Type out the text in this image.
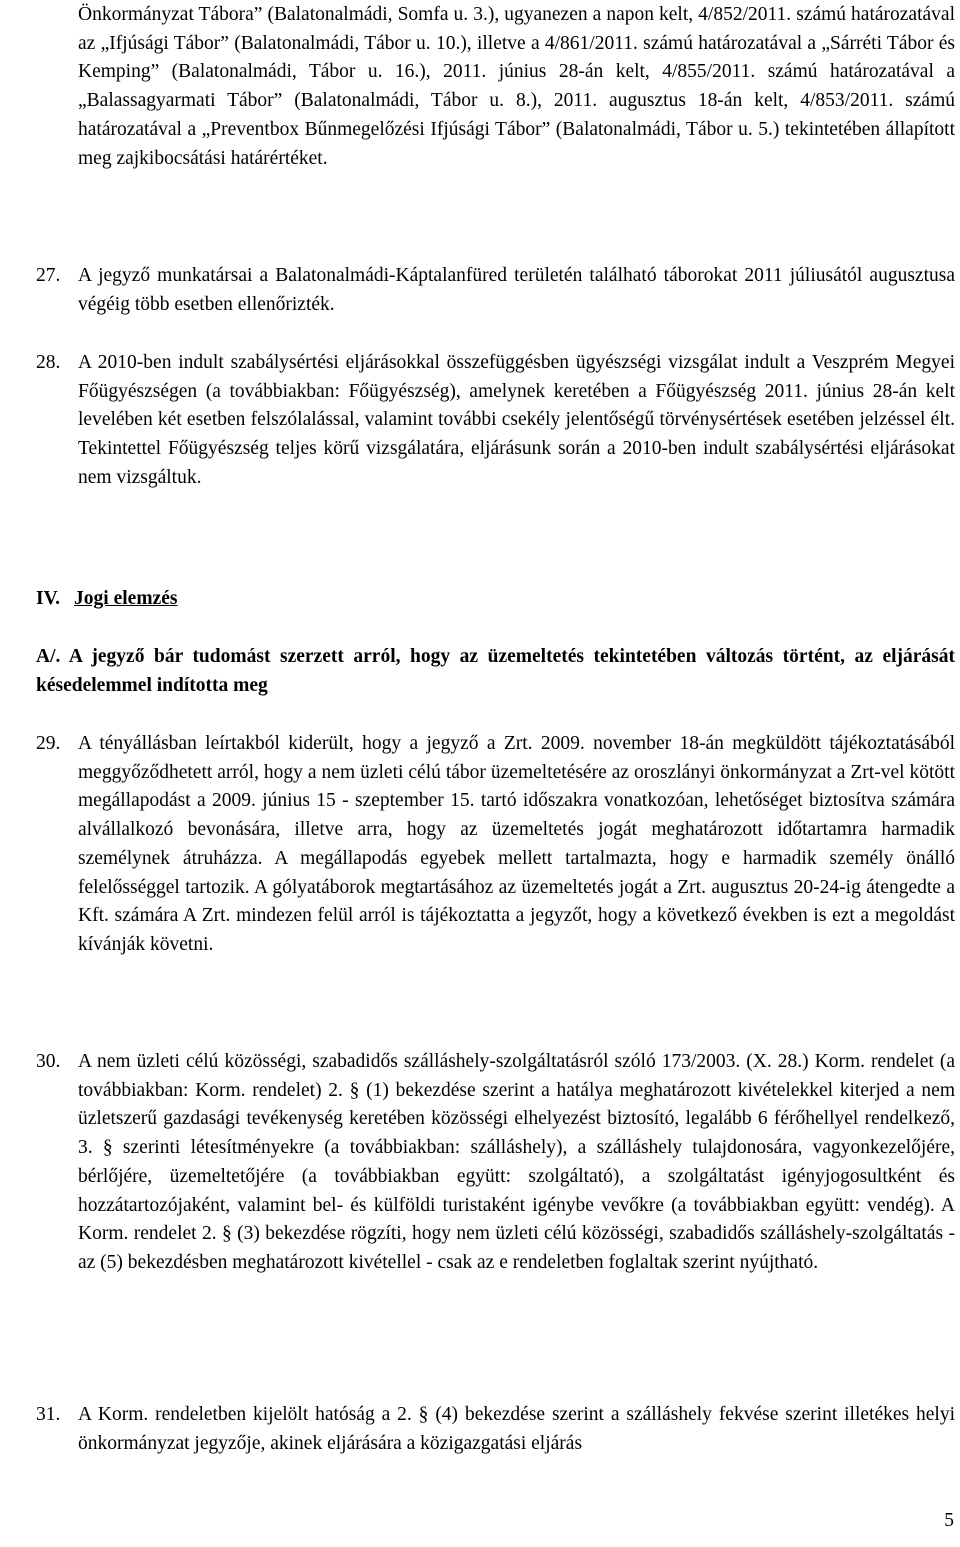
Önkormányzat Tábora” (Balatonalmádi, Somfa u. 3.), ugyanezen a napon kelt, 4/852/2011. számú határozatával az „Ifjúsági Tábor” (Balatonalmádi, Tábor u. 10.), illetve a 4/861/2011. számú határozatával a „Sárréti Tábor és Kemping” (Balatonalmádi, Tábor u. 16.), 2011. június 28-án kelt, 4/855/2011. számú határozatával a „Balassagyarmati Tábor” (Balatonalmádi, Tábor u. 8.), 2011. augusztus 18-án kelt, 4/853/2011. számú határozatával a „Preventbox Bűnmegelőzési Ifjúsági Tábor” (Balatonalmádi, Tábor u. 5.) tekintetében állapított meg zajkibocsátási határértéket.

27. A jegyző munkatársai a Balatonalmádi-Káptalanfüred területén található táborokat 2011 júliusától augusztusa végéig több esetben ellenőrizték.
28. A 2010-ben indult szabálysértési eljárásokkal összefüggésben ügyészségi vizsgálat indult a Veszprém Megyei Főügyészségen (a továbbiakban: Főügyészség), amelynek keretében a Főügyészség 2011. június 28-án kelt levelében két esetben felszólalással, valamint további csekély jelentőségű törvénysértések esetében jelzéssel élt. Tekintettel Főügyészség teljes körű vizsgálatára, eljárásunk során a 2010-ben indult szabálysértési eljárásokat nem vizsgáltuk.

IV. Jogi elemzés

A/. A jegyző bár tudomást szerzett arról, hogy az üzemeltetés tekintetében változás történt, az eljárását késedelemmel indította meg

29. A tényállásban leírtakból kiderült, hogy a jegyző a Zrt. 2009. november 18-án megküldött tájékoztatásából meggyőződhetett arról, hogy a nem üzleti célú tábor üzemeltetésére az oroszlányi önkormányzat a Zrt-vel kötött megállapodást a 2009. június 15 - szeptember 15. tartó időszakra vonatkozóan, lehetőséget biztosítva számára alvállalkozó bevonására, illetve arra, hogy az üzemeltetés jogát meghatározott időtartamra harmadik személynek átruházza. A megállapodás egyebek mellett tartalmazta, hogy e harmadik személy önálló felelősséggel tartozik. A gólyatáborok megtartásához az üzemeltetés jogát a Zrt. augusztus 20-24-ig átengedte a Kft. számára A Zrt. mindezen felül arról is tájékoztatta a jegyzőt, hogy a következő években is ezt a megoldást kívánják követni.
30. A nem üzleti célú közösségi, szabadidős szálláshely-szolgáltatásról szóló 173/2003. (X. 28.) Korm. rendelet (a továbbiakban: Korm. rendelet) 2. § (1) bekezdése szerint a hatálya meghatározott kivételekkel kiterjed a nem üzletszerű gazdasági tevékenység keretében közösségi elhelyezést biztosító, legalább 6 férőhellyel rendelkező, 3. § szerinti létesítményekre (a továbbiakban: szálláshely), a szálláshely tulajdonosára, vagyonkezelőjére, bérlőjére, üzemeltetőjére (a továbbiakban együtt: szolgáltató), a szolgáltatást igényjogosultként és hozzátartozójaként, valamint bel- és külföldi turistaként igénybe vevőkre (a továbbiakban együtt: vendég). A Korm. rendelet 2. § (3) bekezdése rögzíti, hogy nem üzleti célú közösségi, szabadidős szálláshely-szolgáltatás - az (5) bekezdésben meghatározott kivétellel - csak az e rendeletben foglaltak szerint nyújtható.
31. A Korm. rendeletben kijelölt hatóság a 2. § (4) bekezdése szerint a szálláshely fekvése szerint illetékes helyi önkormányzat jegyzője, akinek eljárására a közigazgatási eljárás

5
